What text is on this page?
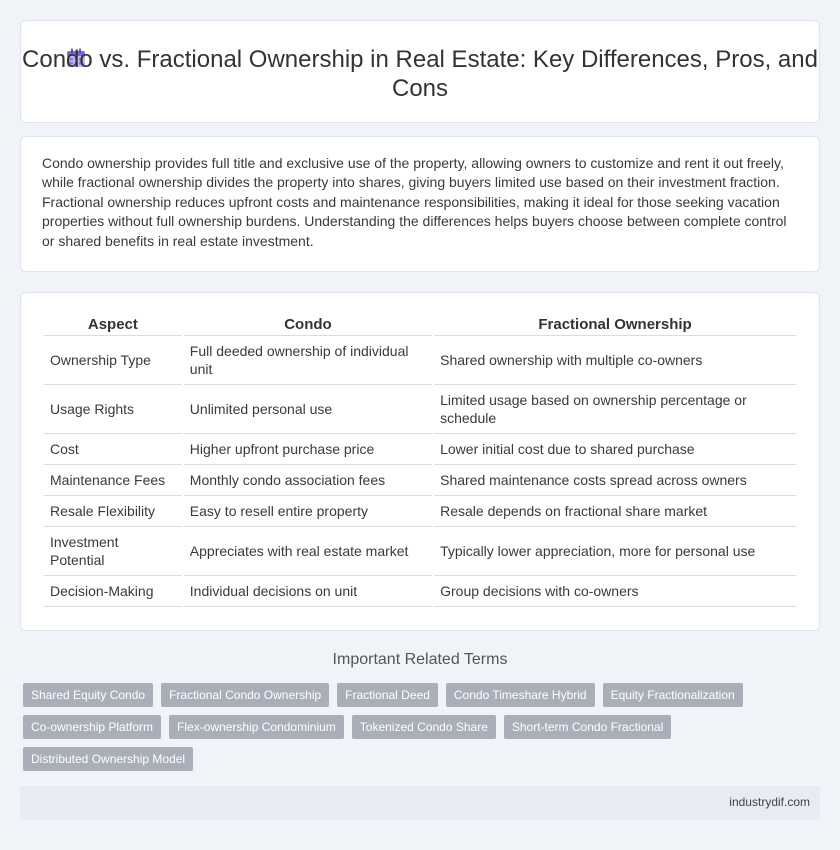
Condo vs. Fractional Ownership in Real Estate: Key Differences, Pros, and Cons

Condo ownership provides full title and exclusive use of the property, allowing owners to customize and rent it out freely, while fractional ownership divides the property into shares, giving buyers limited use based on their investment fraction. Fractional ownership reduces upfront costs and maintenance responsibilities, making it ideal for those seeking vacation properties without full ownership burdens. Understanding the differences helps buyers choose between complete control or shared benefits in real estate investment.

Aspect	Condo	Fractional Ownership
Ownership Type	Full deeded ownership of individual unit	Shared ownership with multiple co-owners
Usage Rights	Unlimited personal use	Limited usage based on ownership percentage or schedule
Cost	Higher upfront purchase price	Lower initial cost due to shared purchase
Maintenance Fees	Monthly condo association fees	Shared maintenance costs spread across owners
Resale Flexibility	Easy to resell entire property	Resale depends on fractional share market
Investment Potential	Appreciates with real estate market	Typically lower appreciation, more for personal use
Decision-Making	Individual decisions on unit	Group decisions with co-owners
Important Related Terms
Shared Equity Condo	Fractional Condo Ownership	Fractional Deed	Condo Timeshare Hybrid	Equity Fractionalization
Co-ownership Platform	Flex-ownership Condominium	Tokenized Condo Share	Short-term Condo Fractional
Distributed Ownership Model
industrydif.com
